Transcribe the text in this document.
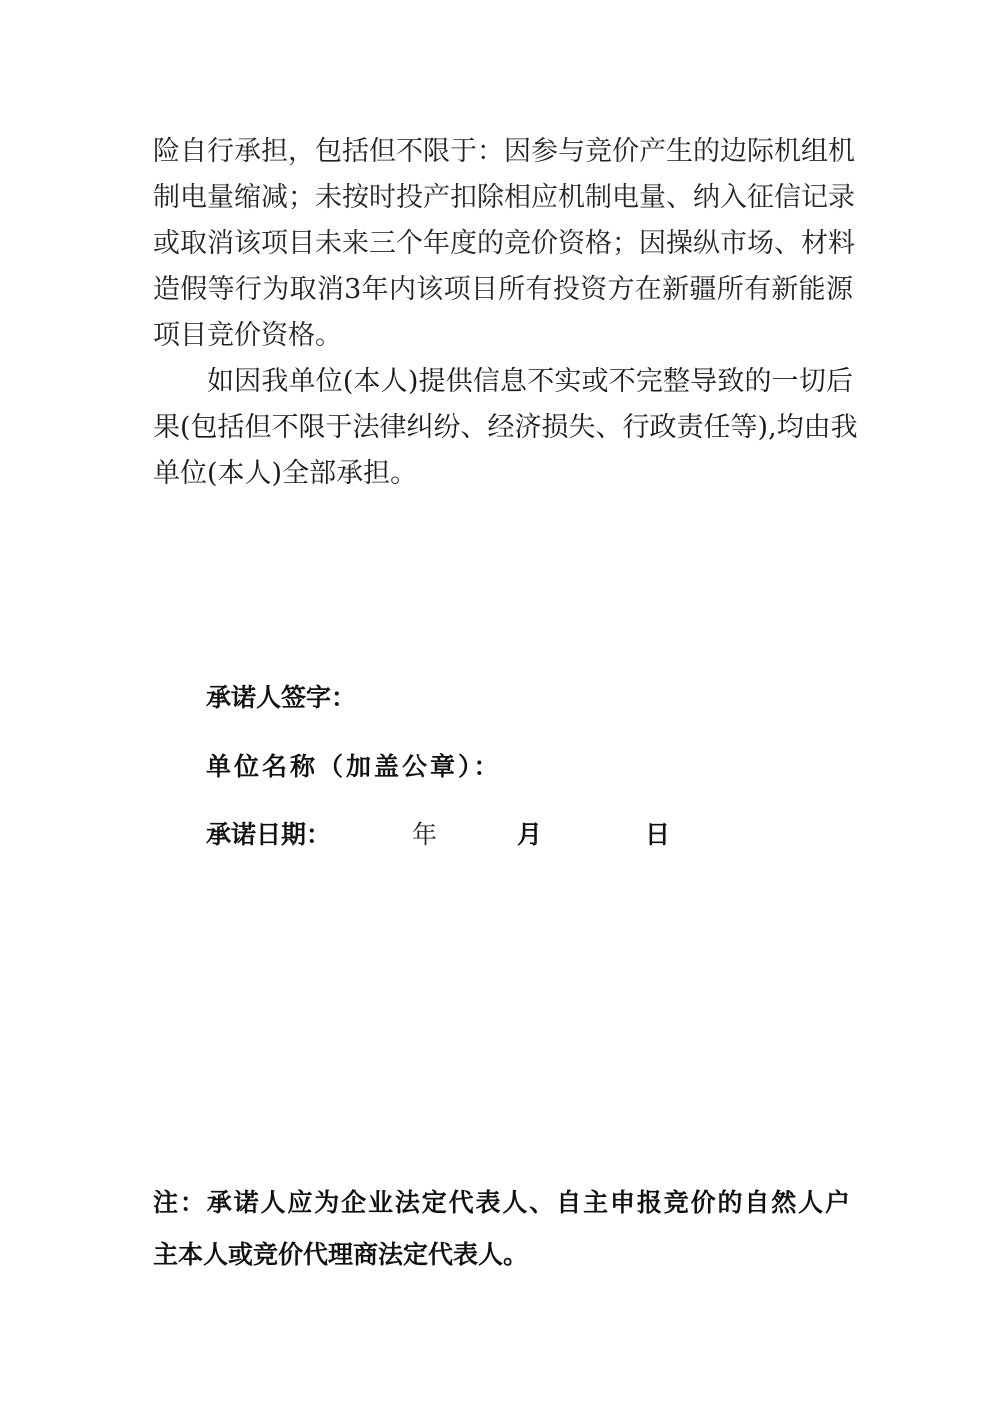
险自行承担，包括但不限于：因参与竞价产生的边际机组机

制电量缩减；未按时投产扣除相应机制电量、纳入征信记录

或取消该项目未来三个年度的竞价资格；因操纵市场、材料

造假等行为取消3年内该项目所有投资方在新疆所有新能源

项目竞价资格。

如因我单位(本人)提供信息不实或不完整导致的一切后

果(包括但不限于法律纠纷、经济损失、行政责任等),均由我

单位(本人)全部承担。

承诺人签字：

单位名称（加盖公章）：

承诺日期：	年	月	日

注：承诺人应为企业法定代表人、自主申报竞价的自然人户

主本人或竞价代理商法定代表人。
